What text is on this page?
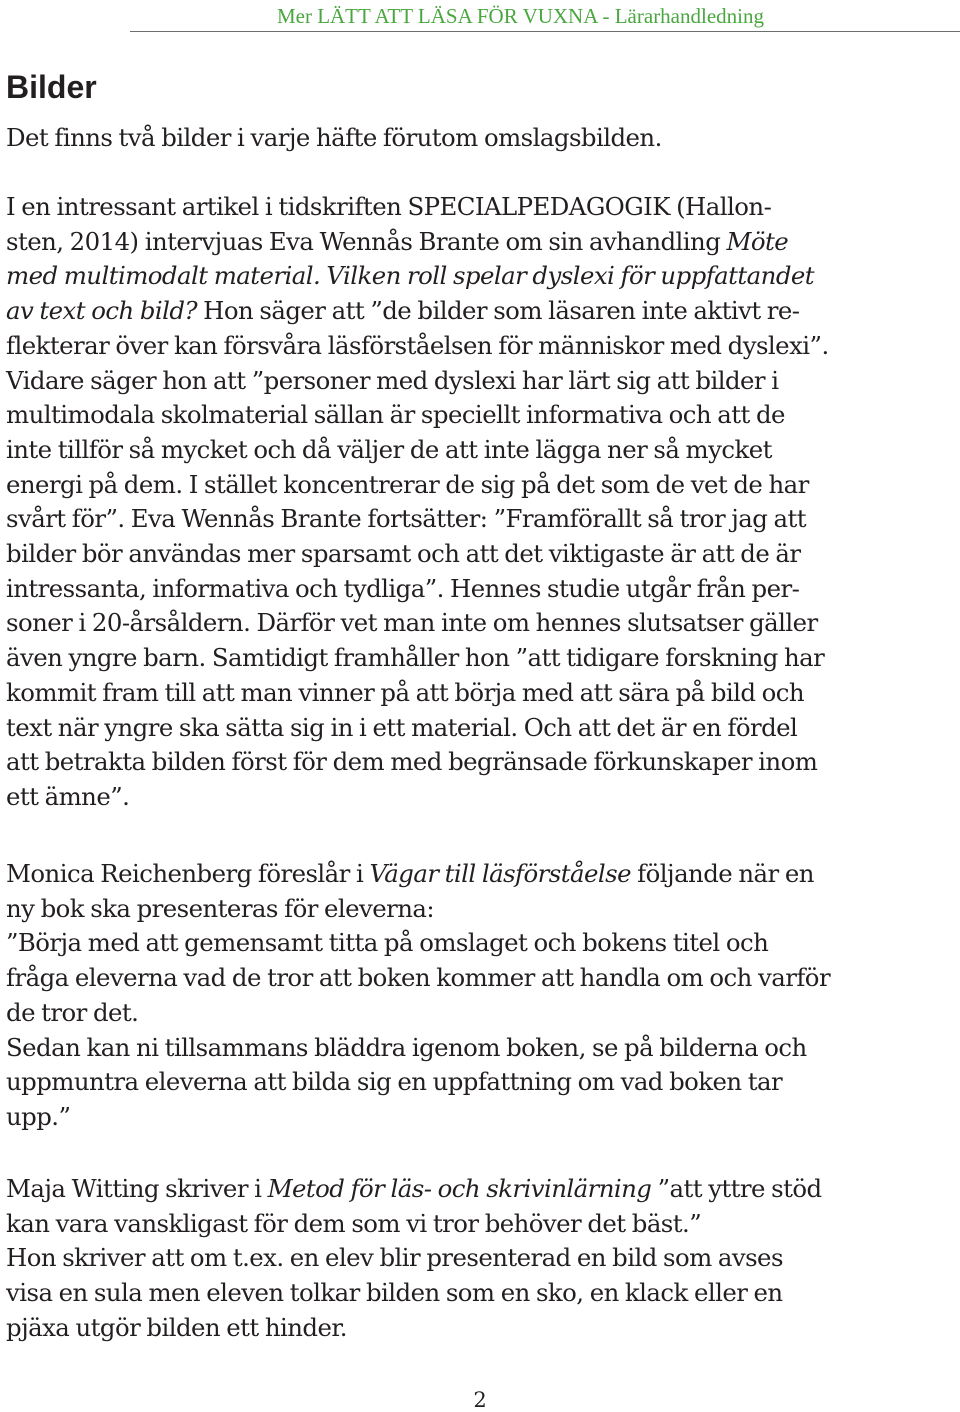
Mer LÄTT ATT LÄSA FÖR VUXNA - Lärarhandledning
Bilder

Det finns två bilder i varje häfte förutom omslagsbilden.

I en intressant artikel i tidskriften SPECIALPEDAGOGIK (Hallon-
sten, 2014) intervjuas Eva Wennås Brante om sin avhandling Möte
med multimodalt material. Vilken roll spelar dyslexi för uppfattandet
av text och bild? Hon säger att ”de bilder som läsaren inte aktivt re-
flekterar över kan försvåra läsförståelsen för människor med dyslexi”.
Vidare säger hon att ”personer med dyslexi har lärt sig att bilder i
multimodala skolmaterial sällan är speciellt informativa och att de
inte tillför så mycket och då väljer de att inte lägga ner så mycket
energi på dem. I stället koncentrerar de sig på det som de vet de har
svårt för”. Eva Wennås Brante fortsätter: ”Framförallt så tror jag att
bilder bör användas mer sparsamt och att det viktigaste är att de är
intressanta, informativa och tydliga”. Hennes studie utgår från per-
soner i 20-årsåldern. Därför vet man inte om hennes slutsatser gäller
även yngre barn. Samtidigt framhåller hon ”att tidigare forskning har
kommit fram till att man vinner på att börja med att sära på bild och
text när yngre ska sätta sig in i ett material. Och att det är en fördel
att betrakta bilden först för dem med begränsade förkunskaper inom
ett ämne”.

Monica Reichenberg föreslår i Vägar till läsförståelse följande när en
ny bok ska presenteras för eleverna:
”Börja med att gemensamt titta på omslaget och bokens titel och
fråga eleverna vad de tror att boken kommer att handla om och varför
de tror det.
Sedan kan ni tillsammans bläddra igenom boken, se på bilderna och
uppmuntra eleverna att bilda sig en uppfattning om vad boken tar
upp.”

Maja Witting skriver i Metod för läs- och skrivinlärning ”att yttre stöd
kan vara vanskligast för dem som vi tror behöver det bäst.”
Hon skriver att om t.ex. en elev blir presenterad en bild som avses
visa en sula men eleven tolkar bilden som en sko, en klack eller en
pjäxa utgör bilden ett hinder.

2
